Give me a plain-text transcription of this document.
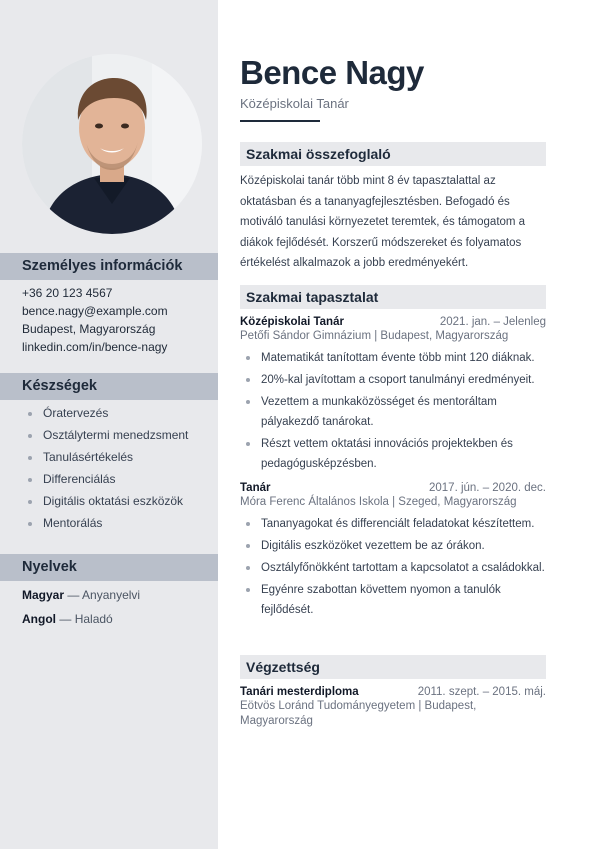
Személyes információk
+36 20 123 4567
bence.nagy@example.com
Budapest, Magyarország
linkedin.com/in/bence-nagy
Készségek
Óratervezés
Osztálytermi menedzsment
Tanulásértékelés
Differenciálás
Digitális oktatási eszközök
Mentorálás
Nyelvek
Magyar — Anyanyelvi
Angol — Haladó
Bence Nagy
Középiskolai Tanár
Szakmai összefoglaló
Középiskolai tanár több mint 8 év tapasztalattal az oktatásban és a tananyagfejlesztésben. Befogadó és motiváló tanulási környezetet teremtek, és támogatom a diákok fejlődését. Korszerű módszereket és folyamatos értékelést alkalmazok a jobb eredményekért.
Szakmai tapasztalat
Középiskolai Tanár	2021. jan. – Jelenleg
Petőfi Sándor Gimnázium | Budapest, Magyarország
Matematikát tanítottam évente több mint 120 diáknak.
20%-kal javítottam a csoport tanulmányi eredményeit.
Vezettem a munkaközösséget és mentoráltam pályakezdő tanárokat.
Részt vettem oktatási innovációs projektekben és pedagógusképzésben.
Tanár	2017. jún. – 2020. dec.
Móra Ferenc Általános Iskola | Szeged, Magyarország
Tananyagokat és differenciált feladatokat készítettem.
Digitális eszközöket vezettem be az órákon.
Osztályfőnökként tartottam a kapcsolatot a családokkal.
Egyénre szabottan követtem nyomon a tanulók fejlődését.
Végzettség
Tanári mesterdiploma	2011. szept. – 2015. máj.
Eötvös Loránd Tudományegyetem | Budapest, Magyarország
